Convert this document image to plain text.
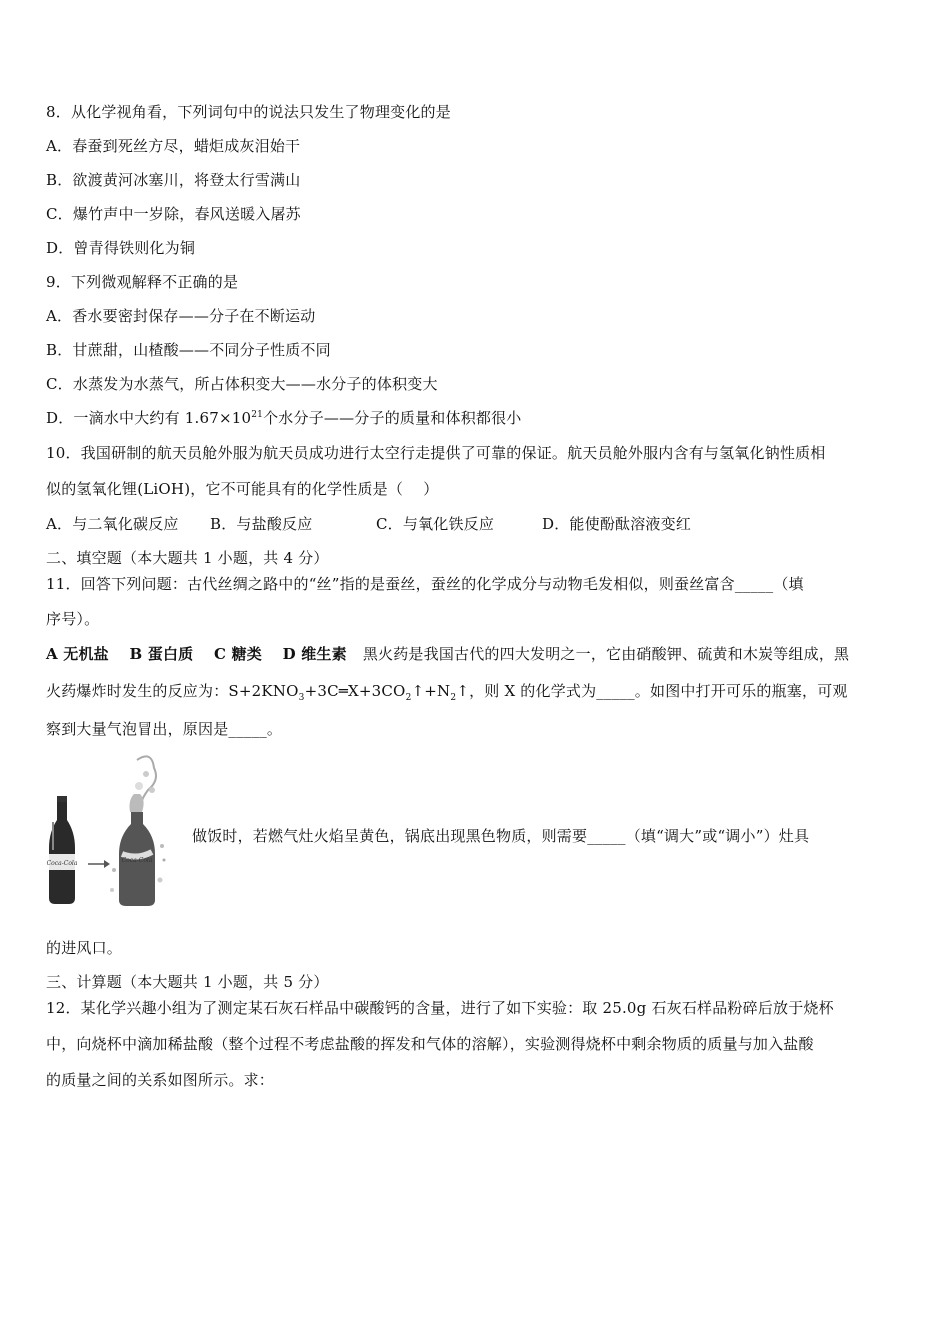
8．从化学视角看，下列词句中的说法只发生了物理变化的是
A．春蚕到死丝方尽，蜡炬成灰泪始干
B．欲渡黄河冰塞川，将登太行雪满山
C．爆竹声中一岁除，春风送暖入屠苏
D．曾青得铁则化为铜
9．下列微观解释不正确的是
A．香水要密封保存——分子在不断运动
B．甘蔗甜，山楂酸——不同分子性质不同
C．水蒸发为水蒸气，所占体积变大——水分子的体积变大
D．一滴水中大约有 $1.67\times 10^{21}$个水分子——分子的质量和体积都很小
10．我国研制的航天员舱外服为航天员成功进行太空行走提供了可靠的保证。航天员舱外服内含有与氢氧化钠性质相
似的氢氧化锂(LiOH)，它不可能具有的化学性质是（　 ）
A．与二氧化碳反应 B．与盐酸反应	C．与氧化铁反应	D．能使酚酞溶液变红
二、填空题（本大题共 1 小题，共 4 分）
11．回答下列问题：古代丝绸之路中的“丝”指的是蚕丝，蚕丝的化学成分与动物毛发相似，则蚕丝富含_____（填
序号）。
A 无机盐　 B 蛋白质　 C 糖类　 D 维生素 黑火药是我国古代的四大发明之一，它由硝酸钾、硫黄和木炭等组成，黑
火药爆炸时发生的反应为：$S+2KNO_3+3C═X+3CO_2↑+N_2↑$，则 X 的化学式为_____。如图中打开可乐的瓶塞，可观
察到大量气泡冒出，原因是_____。
Coca-Cola	Coca-Cola
做饭时，若燃气灶火焰呈黄色，锅底出现黑色物质，则需要_____（填“调大”或“调小”）灶具
的进风口。
三、计算题（本大题共 1 小题，共 5 分）
12．某化学兴趣小组为了测定某石灰石样品中碳酸钙的含量，进行了如下实验：取 25.0g 石灰石样品粉碎后放于烧杯
中，向烧杯中滴加稀盐酸（整个过程不考虑盐酸的挥发和气体的溶解），实验测得烧杯中剩余物质的质量与加入盐酸
的质量之间的关系如图所示。求：
